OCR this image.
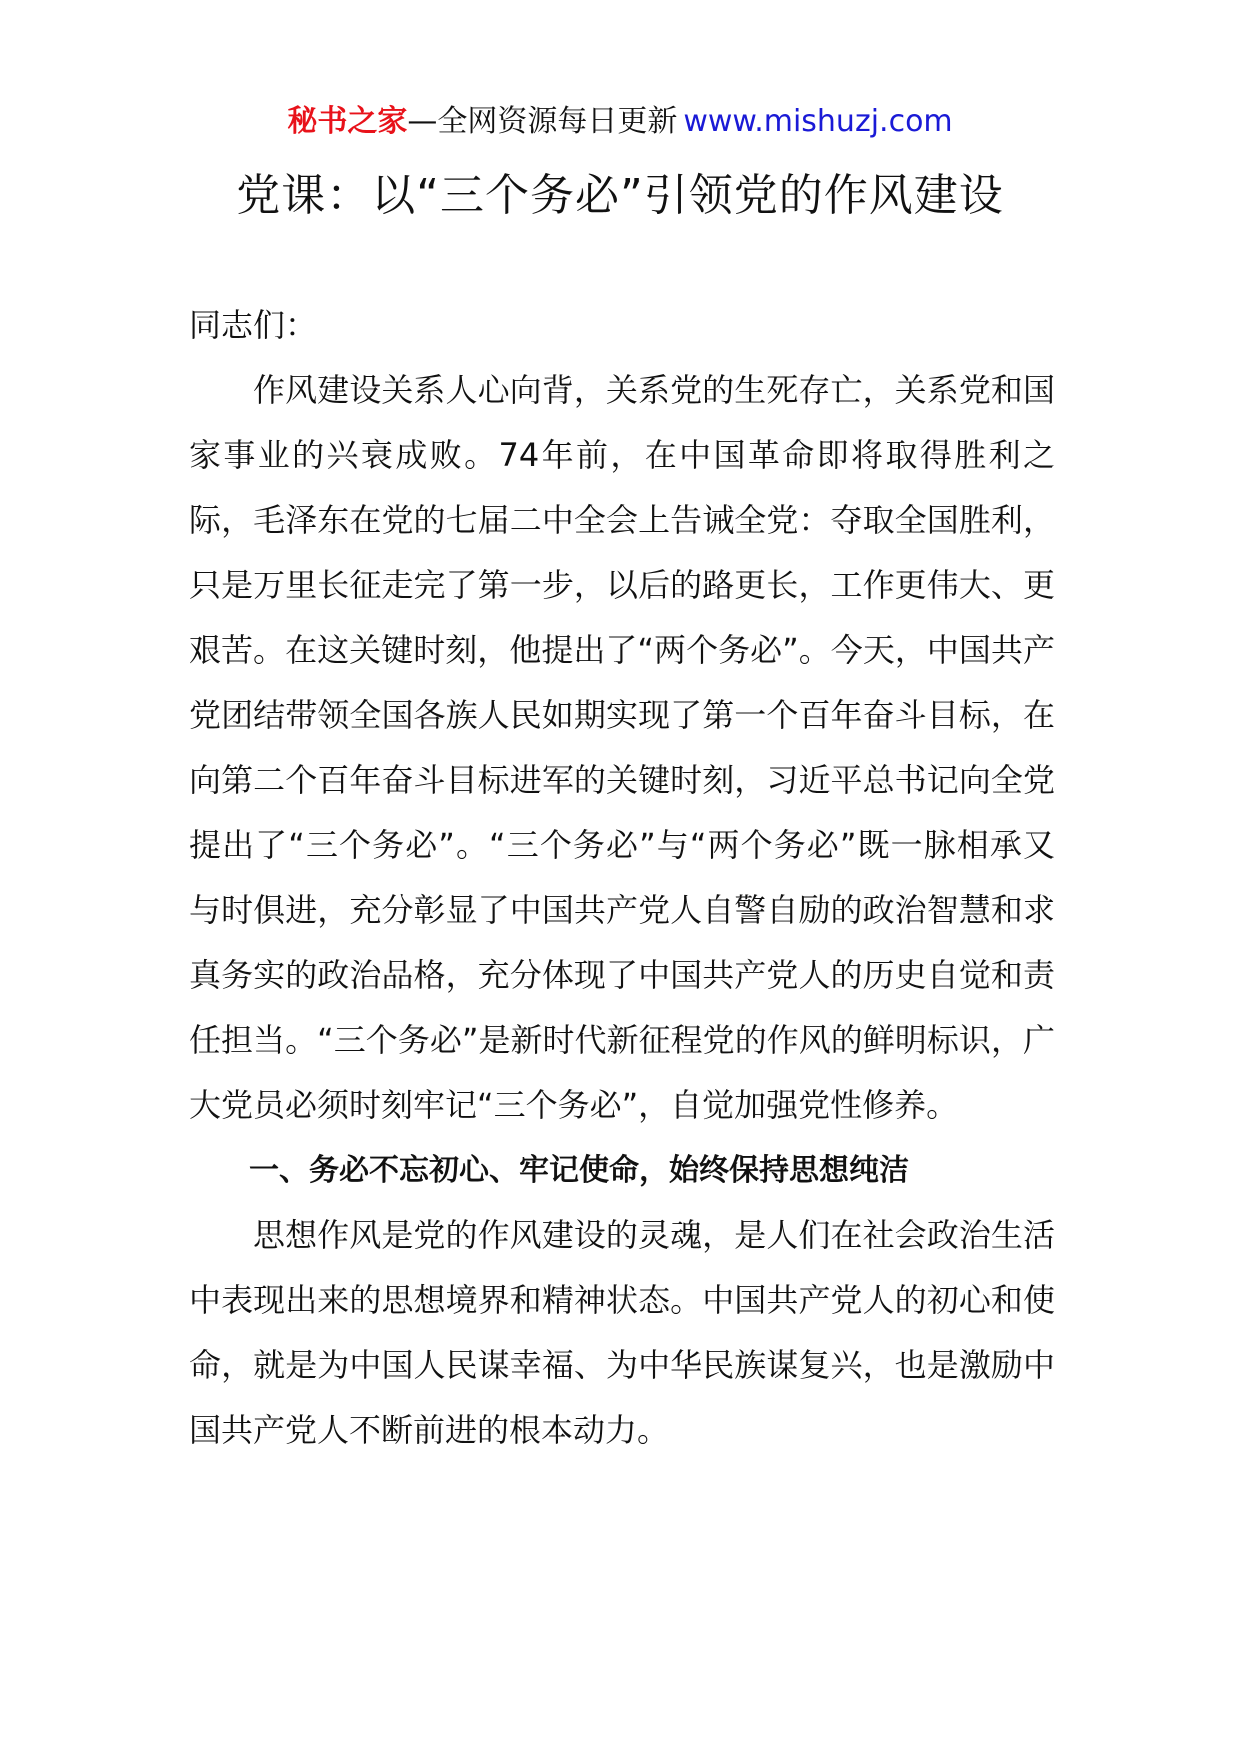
秘书之家—全网资源每日更新 www.mishuzj.com
党课：以“三个务必”引领党的作风建设

同志们：

作风建设关系人心向背，关系党的生死存亡，关系党和国家事业的兴衰成败。74年前，在中国革命即将取得胜利之际，毛泽东在党的七届二中全会上告诫全党：夺取全国胜利，只是万里长征走完了第一步，以后的路更长，工作更伟大、更艰苦。在这关键时刻，他提出了“两个务必”。今天，中国共产党团结带领全国各族人民如期实现了第一个百年奋斗目标，在向第二个百年奋斗目标进军的关键时刻，习近平总书记向全党提出了“三个务必”。“三个务必”与“两个务必”既一脉相承又与时俱进，充分彰显了中国共产党人自警自励的政治智慧和求真务实的政治品格，充分体现了中国共产党人的历史自觉和责任担当。“三个务必”是新时代新征程党的作风的鲜明标识，广大党员必须时刻牢记“三个务必”，自觉加强党性修养。

一、务必不忘初心、牢记使命，始终保持思想纯洁

思想作风是党的作风建设的灵魂，是人们在社会政治生活中表现出来的思想境界和精神状态。中国共产党人的初心和使命，就是为中国人民谋幸福、为中华民族谋复兴，也是激励中国共产党人不断前进的根本动力。
